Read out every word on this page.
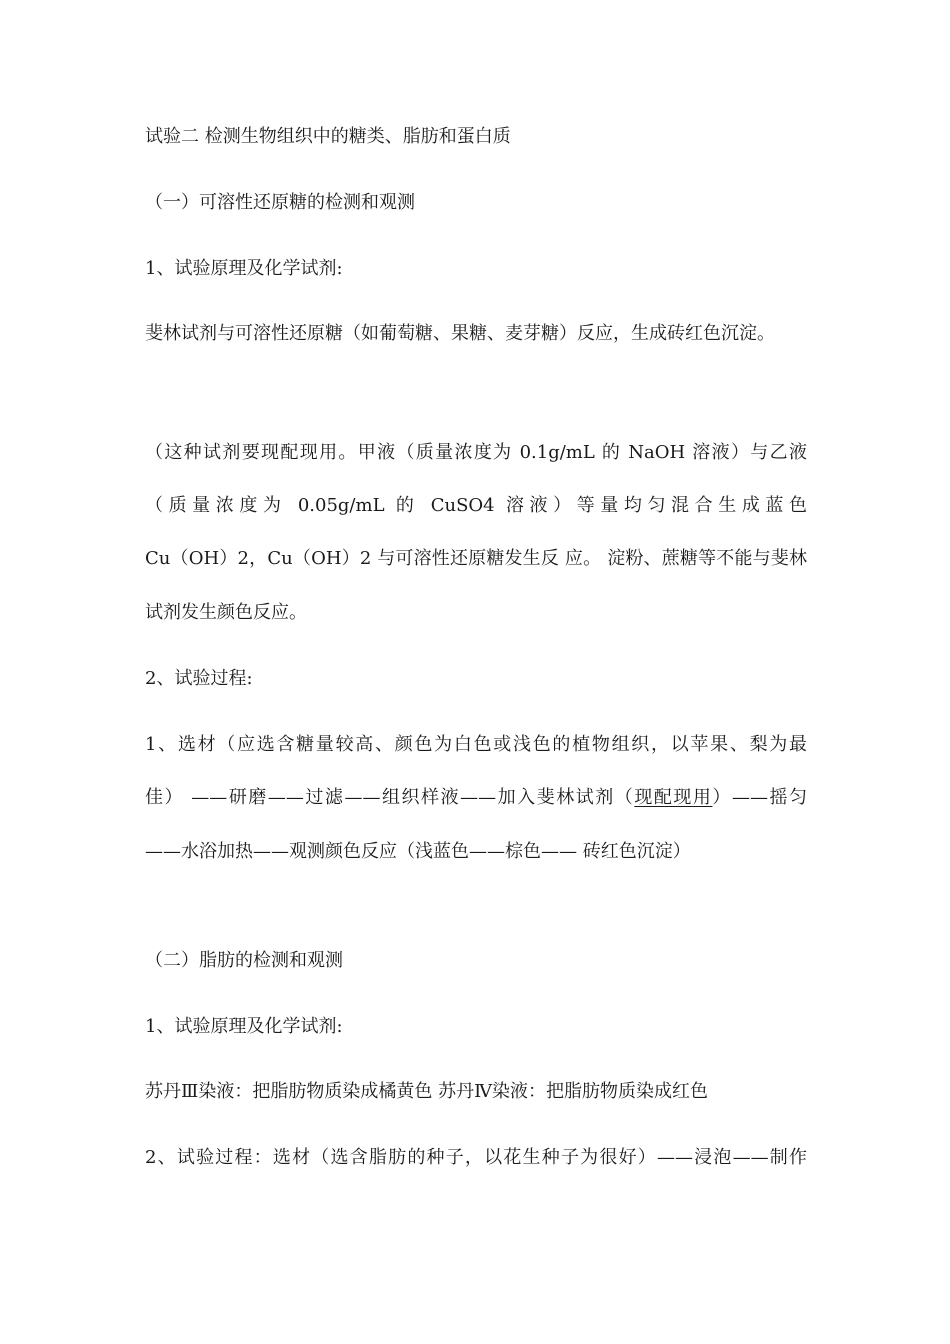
试验二 检测生物组织中的糖类、脂肪和蛋白质
（一）可溶性还原糖的检测和观测
1、试验原理及化学试剂:
斐林试剂与可溶性还原糖（如葡萄糖、果糖、麦芽糖）反应，生成砖红色沉淀。
（这种试剂要现配现用。甲液（质量浓度为 0.1g/mL 的 NaOH 溶液）与乙液
（质量浓度为 0.05g/mL 的 CuSO4 溶液）等量均匀混合生成蓝色
Cu（OH）2，Cu（OH）2 与可溶性还原糖发生反 应。 淀粉、蔗糖等不能与斐林
试剂发生颜色反应。
2、试验过程:
1、选材（应选含糖量较高、颜色为白色或浅色的植物组织，以苹果、梨为最
佳） ——研磨——过滤——组织样液——加入斐林试剂（现配现用）——摇匀
——水浴加热——观测颜色反应（浅蓝色——棕色—— 砖红色沉淀）
（二）脂肪的检测和观测
1、试验原理及化学试剂:
苏丹Ⅲ染液：把脂肪物质染成橘黄色 苏丹Ⅳ染液：把脂肪物质染成红色
2、试验过程：选材（选含脂肪的种子，以花生种子为很好）——浸泡——制作
